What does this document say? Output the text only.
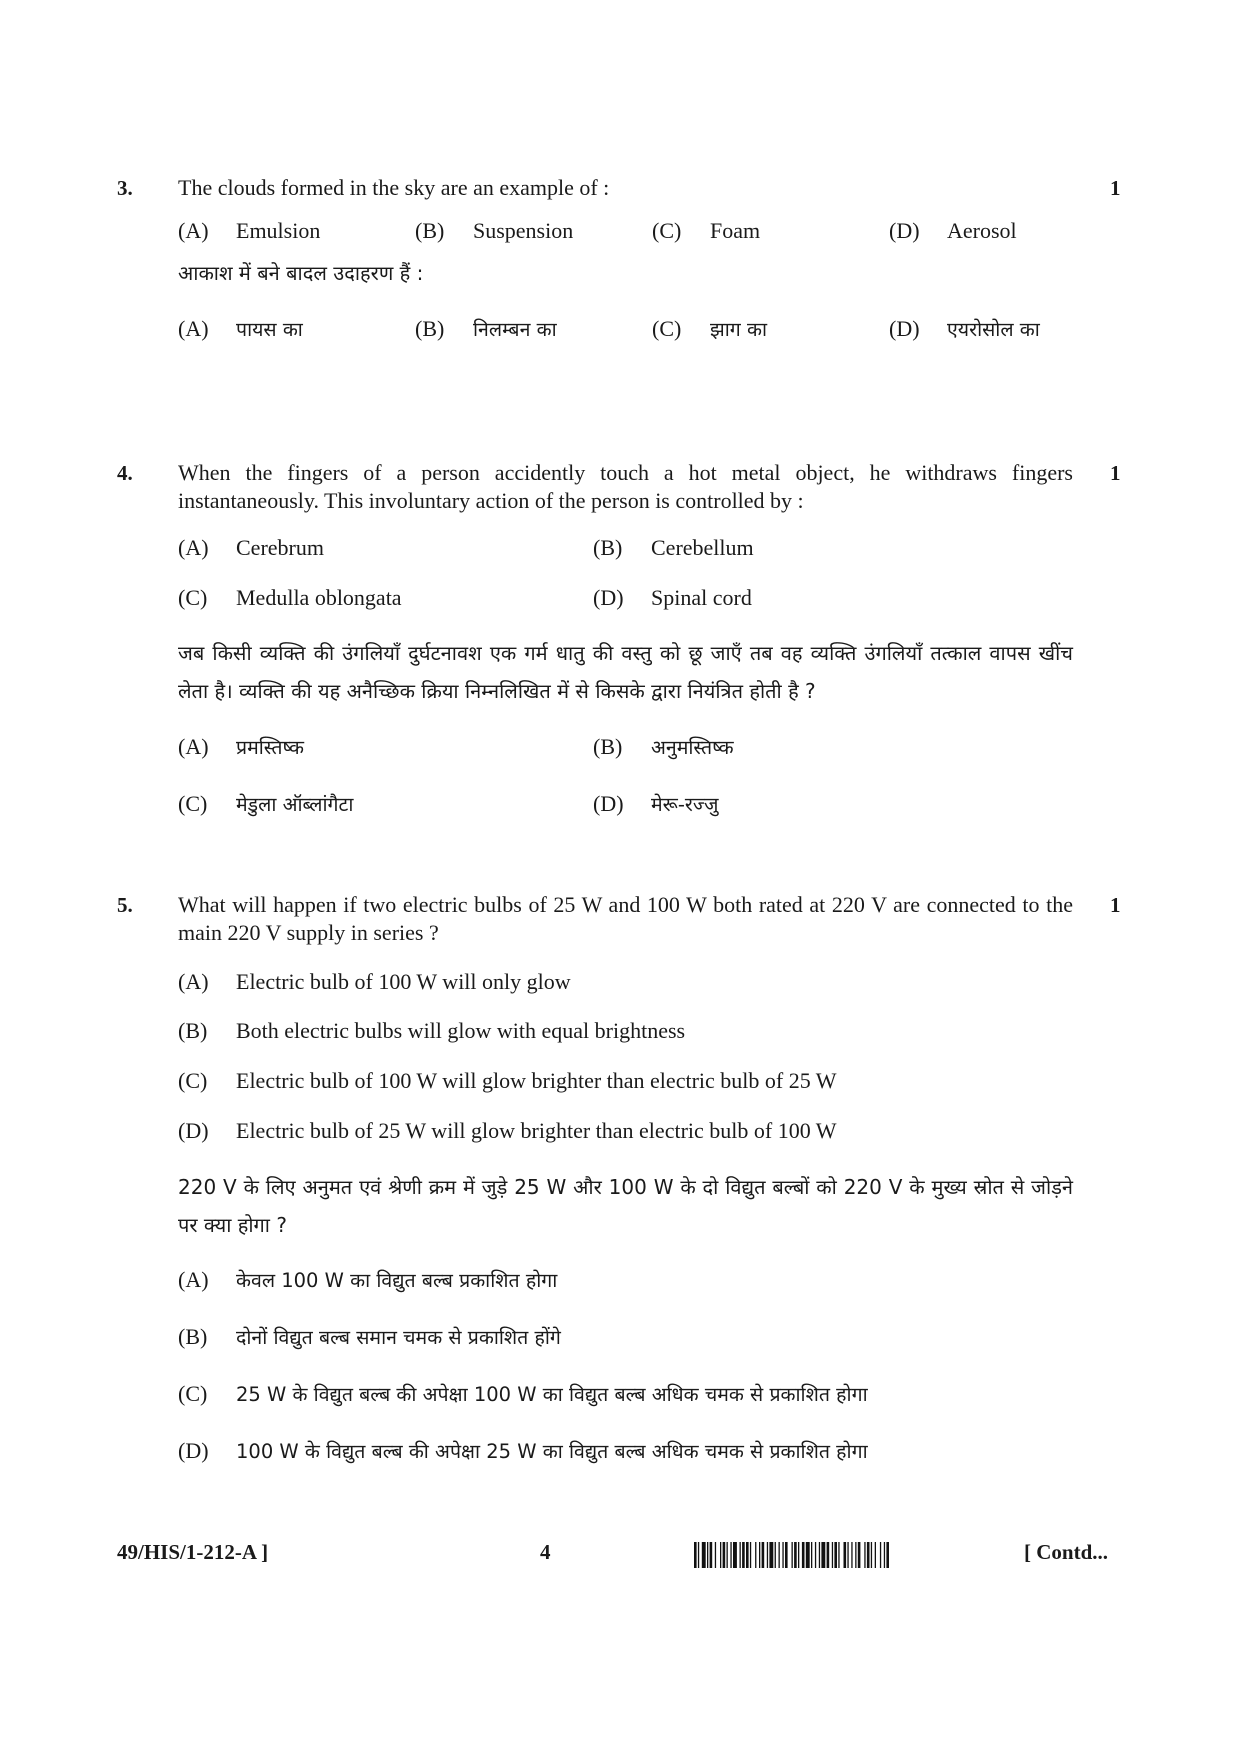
3. The clouds formed in the sky are an example of :	1
(A) Emulsion	(B) Suspension	(C) Foam	(D) Aerosol
आकाश में बने बादल उदाहरण हैं :
(A) पायस का	(B) निलम्बन का	(C) झाग का	(D) एयरोसोल का
4. When the fingers of a person accidently touch a hot metal object, he withdraws fingers instantaneously. This involuntary action of the person is controlled by :
1
(A) Cerebrum	(B) Cerebellum
(C) Medulla oblongata	(D) Spinal cord
जब किसी व्यक्ति की उंगलियाँ दुर्घटनावश एक गर्म धातु की वस्तु को छू जाएँ तब वह व्यक्ति उंगलियाँ तत्काल वापस खींच लेता है। व्यक्ति की यह अनैच्छिक क्रिया निम्नलिखित में से किसके द्वारा नियंत्रित होती है ?
(A) प्रमस्तिष्क	(B) अनुमस्तिष्क
(C) मेडुला ऑब्लांगैटा	(D) मेरू-रज्जु
5. What will happen if two electric bulbs of 25 W and 100 W both rated at 220 V are connected to the main 220 V supply in series ?
1
(A) Electric bulb of 100 W will only glow
(B) Both electric bulbs will glow with equal brightness
(C) Electric bulb of 100 W will glow brighter than electric bulb of 25 W
(D) Electric bulb of 25 W will glow brighter than electric bulb of 100 W
220 V के लिए अनुमत एवं श्रेणी क्रम में जुड़े 25 W और 100 W के दो विद्युत बल्बों को 220 V के मुख्य स्रोत से जोड़ने पर क्या होगा ?
(A) केवल 100 W का विद्युत बल्ब प्रकाशित होगा
(B) दोनों विद्युत बल्ब समान चमक से प्रकाशित होंगे
(C) 25 W के विद्युत बल्ब की अपेक्षा 100 W का विद्युत बल्ब अधिक चमक से प्रकाशित होगा
(D) 100 W के विद्युत बल्ब की अपेक्षा 25 W का विद्युत बल्ब अधिक चमक से प्रकाशित होगा
49/HIS/1-212-A ]	4	[ Contd...
